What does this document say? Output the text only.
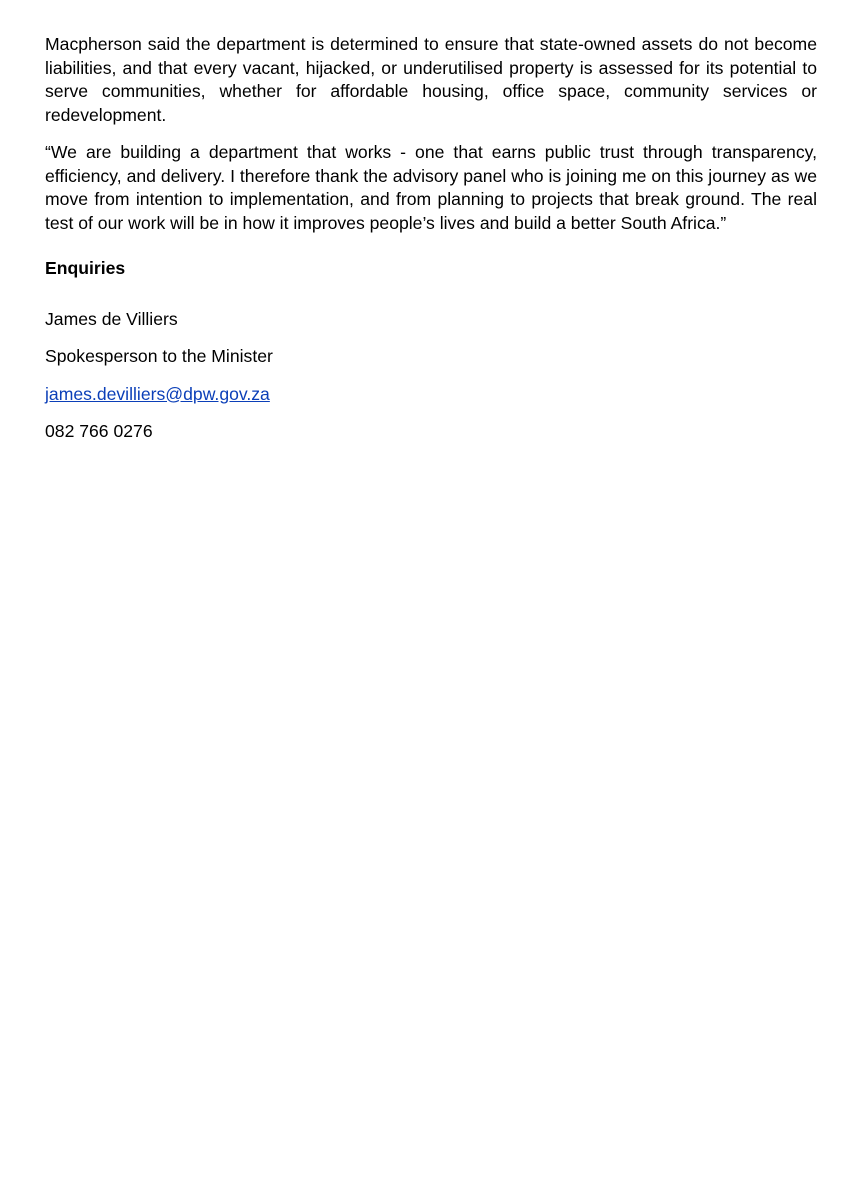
Macpherson said the department is determined to ensure that state-owned assets do not become liabilities, and that every vacant, hijacked, or underutilised property is assessed for its potential to serve communities, whether for affordable housing, office space, community services or redevelopment.

“We are building a department that works - one that earns public trust through transparency, efficiency, and delivery. I therefore thank the advisory panel who is joining me on this journey as we move from intention to implementation, and from planning to projects that break ground. The real test of our work will be in how it improves people’s lives and build a better South Africa.”

Enquiries

James de Villiers

Spokesperson to the Minister

james.devilliers@dpw.gov.za

082 766 0276
